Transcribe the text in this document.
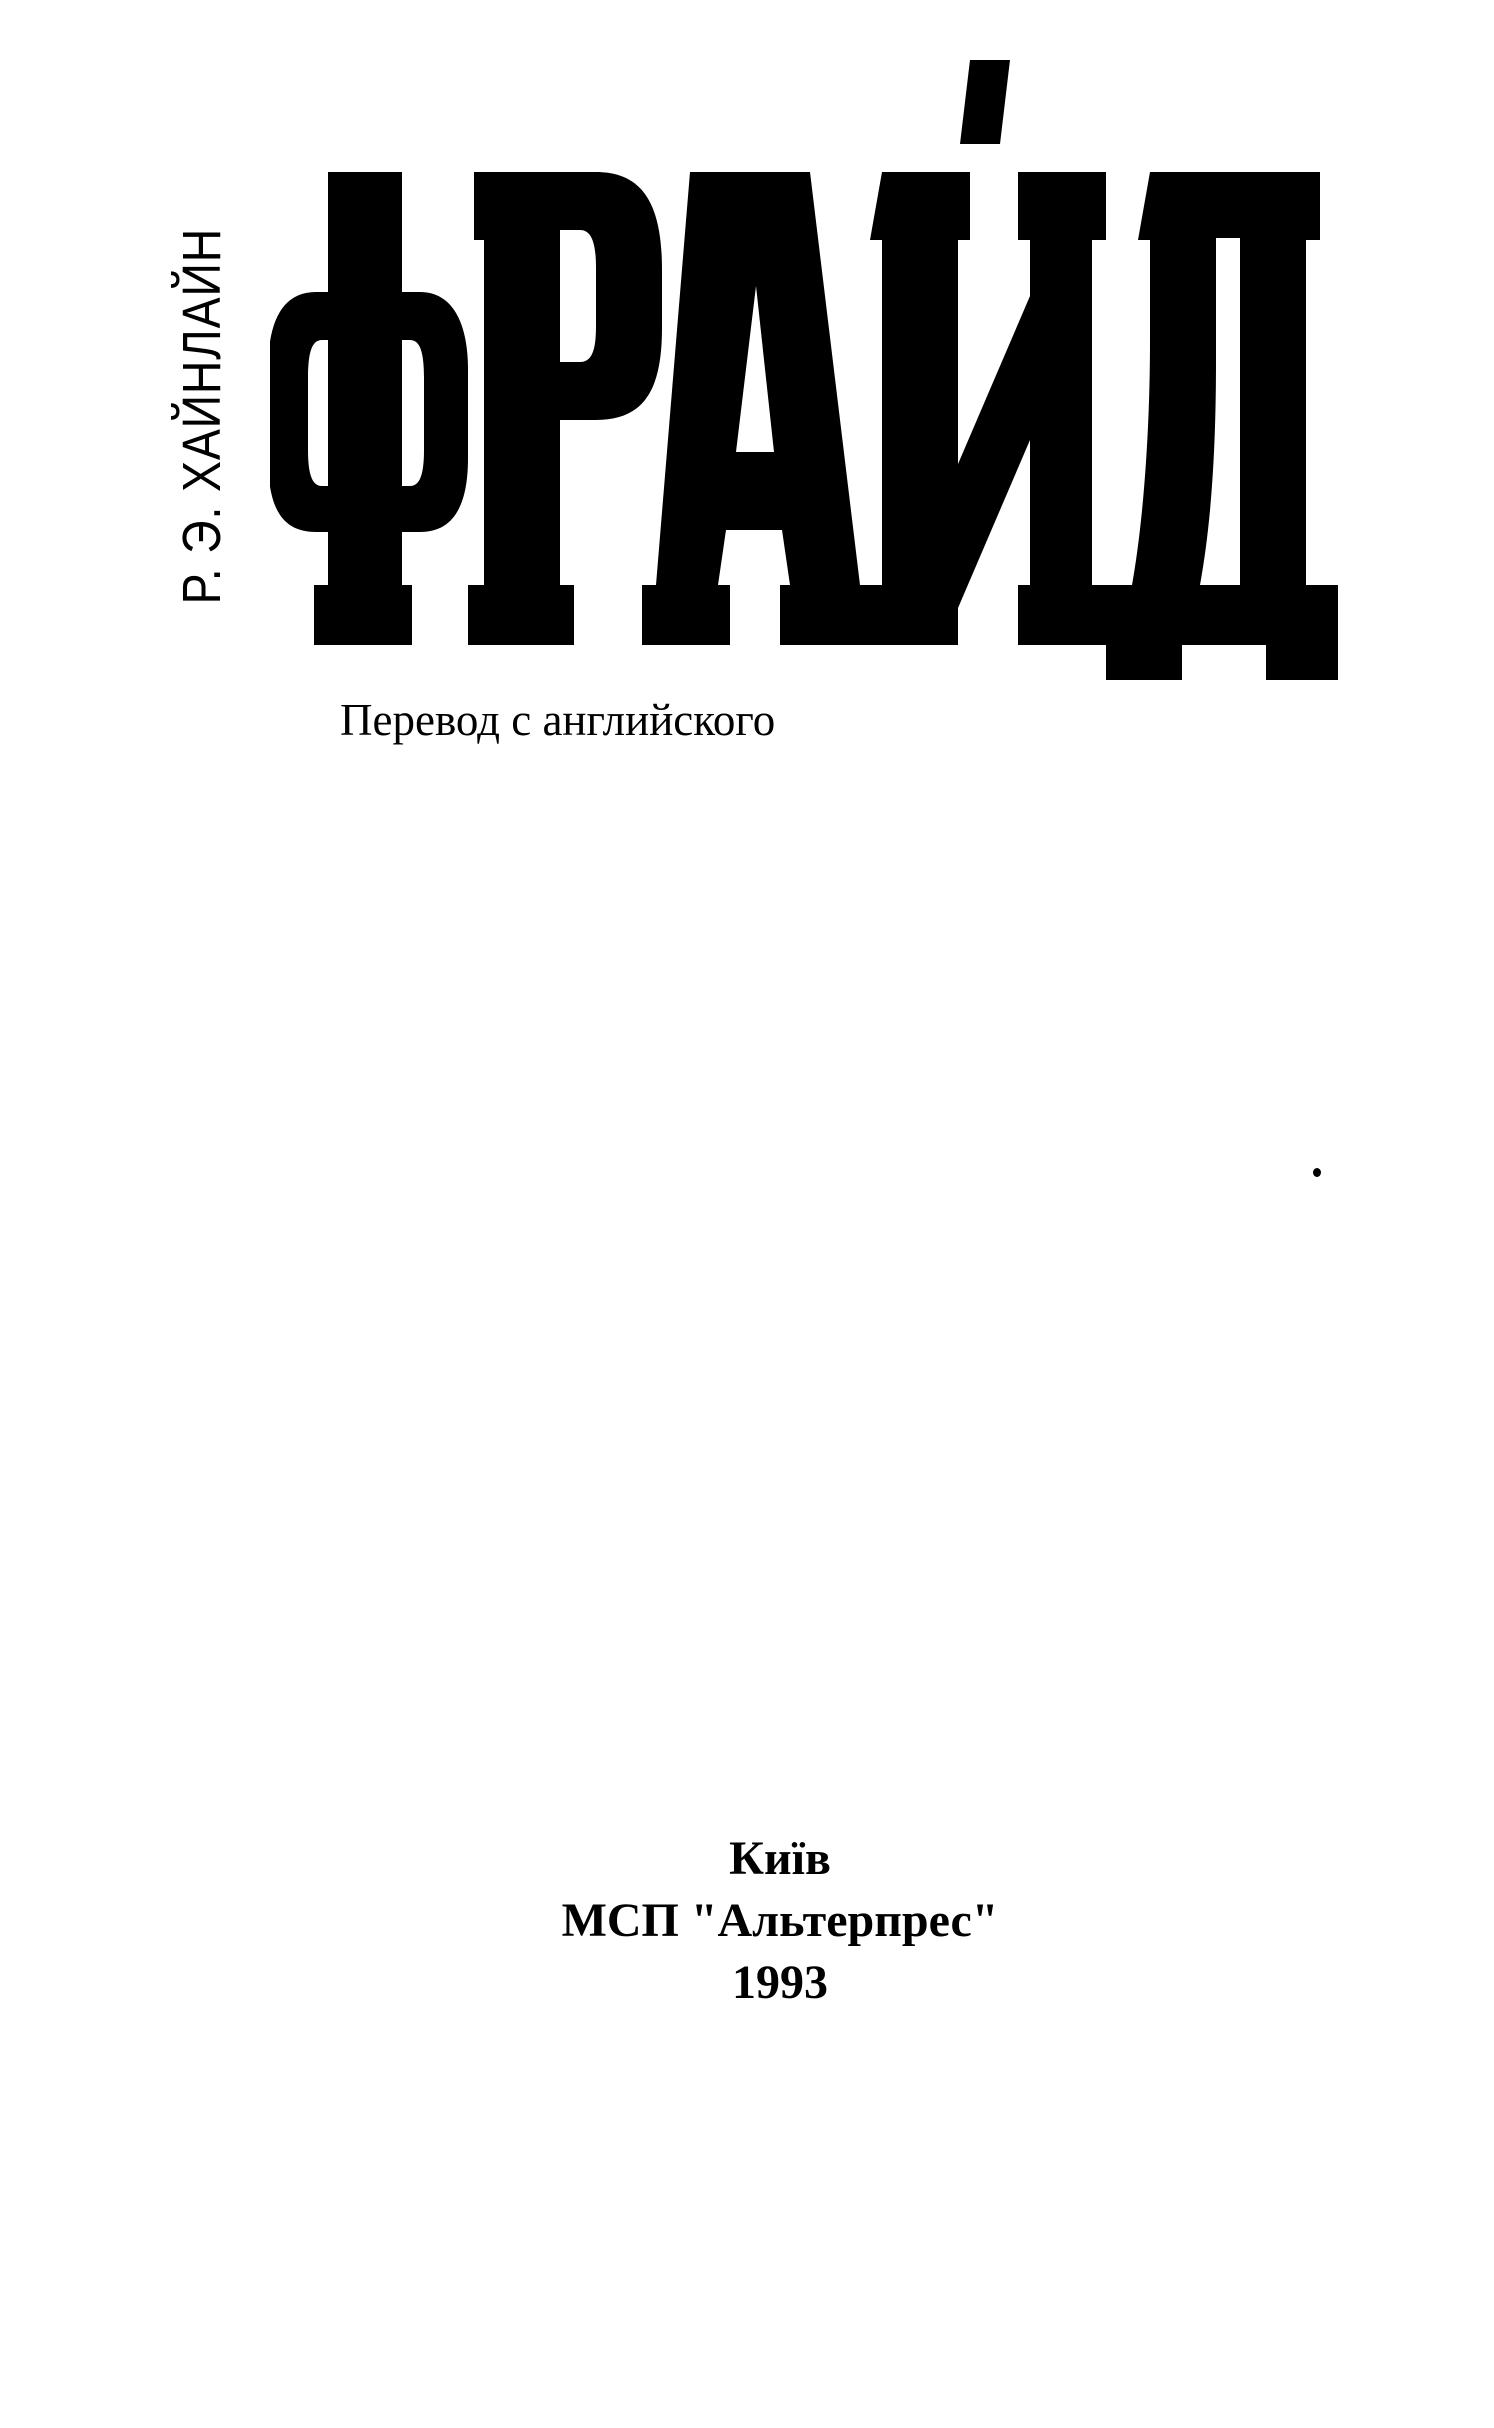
Р. Э. ХАЙНЛАЙН
Перевод с английского
Київ
МСП "Альтерпрес"
1993
